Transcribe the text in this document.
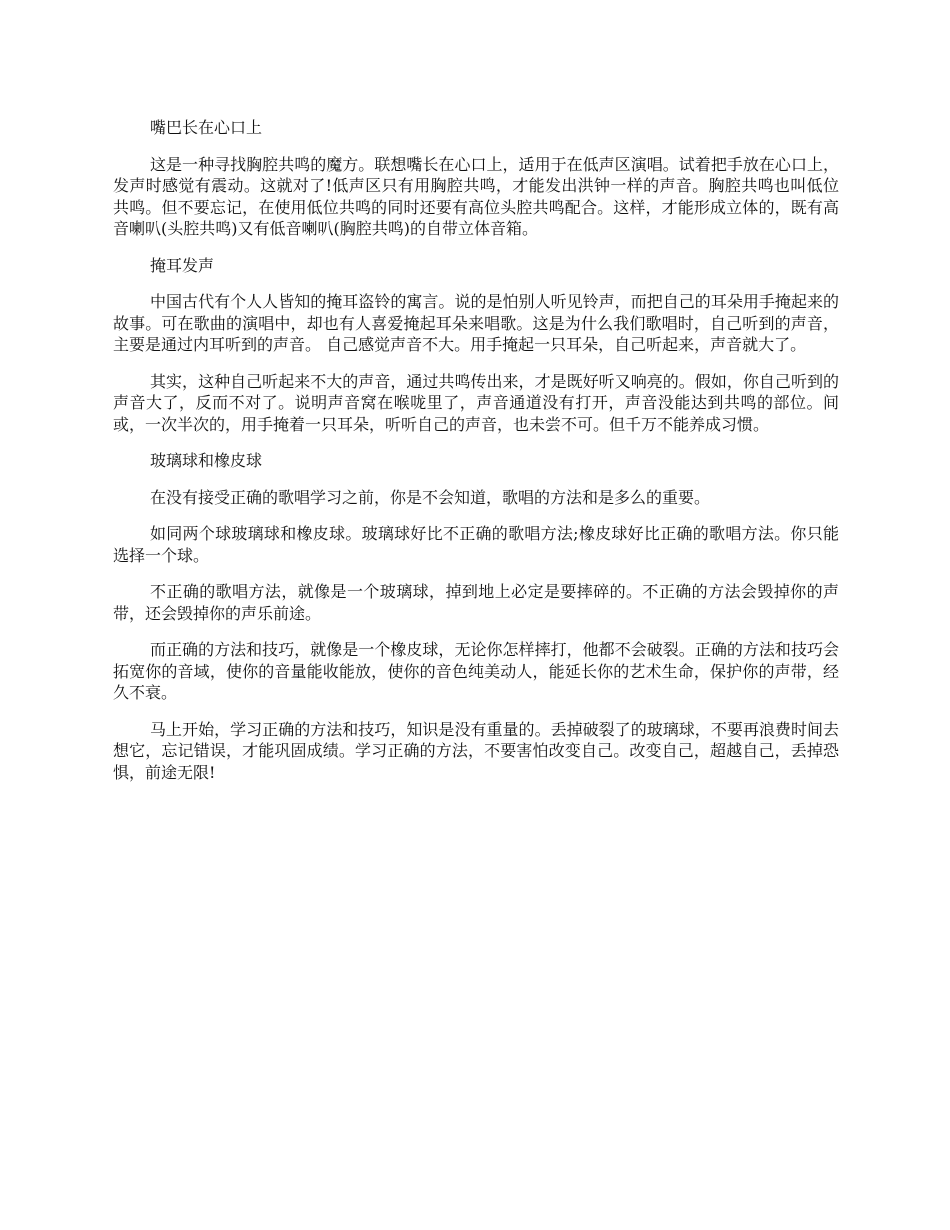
嘴巴长在心口上

这是一种寻找胸腔共鸣的魔方。联想嘴长在心口上，适用于在低声区演唱。试着把手放在心口上，发声时感觉有震动。这就对了!低声区只有用胸腔共鸣，才能发出洪钟一样的声音。胸腔共鸣也叫低位共鸣。但不要忘记，在使用低位共鸣的同时还要有高位头腔共鸣配合。这样，才能形成立体的，既有高音喇叭(头腔共鸣)又有低音喇叭(胸腔共鸣)的自带立体音箱。

掩耳发声

中国古代有个人人皆知的掩耳盗铃的寓言。说的是怕别人听见铃声，而把自己的耳朵用手掩起来的故事。可在歌曲的演唱中，却也有人喜爱掩起耳朵来唱歌。这是为什么我们歌唱时，自己听到的声音，主要是通过内耳听到的声音。 自己感觉声音不大。用手掩起一只耳朵，自己听起来，声音就大了。

其实，这种自己听起来不大的声音，通过共鸣传出来，才是既好听又响亮的。假如，你自己听到的声音大了，反而不对了。说明声音窝在喉咙里了，声音通道没有打开，声音没能达到共鸣的部位。间或，一次半次的，用手掩着一只耳朵，听听自己的声音，也未尝不可。但千万不能养成习惯。

玻璃球和橡皮球

在没有接受正确的歌唱学习之前，你是不会知道，歌唱的方法和是多么的重要。

如同两个球玻璃球和橡皮球。玻璃球好比不正确的歌唱方法;橡皮球好比正确的歌唱方法。你只能选择一个球。

不正确的歌唱方法，就像是一个玻璃球，掉到地上必定是要摔碎的。不正确的方法会毁掉你的声带，还会毁掉你的声乐前途。

而正确的方法和技巧，就像是一个橡皮球，无论你怎样摔打，他都不会破裂。正确的方法和技巧会拓宽你的音域，使你的音量能收能放，使你的音色纯美动人，能延长你的艺术生命，保护你的声带，经久不衰。

马上开始，学习正确的方法和技巧，知识是没有重量的。丢掉破裂了的玻璃球，不要再浪费时间去想它，忘记错误，才能巩固成绩。学习正确的方法，不要害怕改变自己。改变自己，超越自己，丢掉恐惧，前途无限!
